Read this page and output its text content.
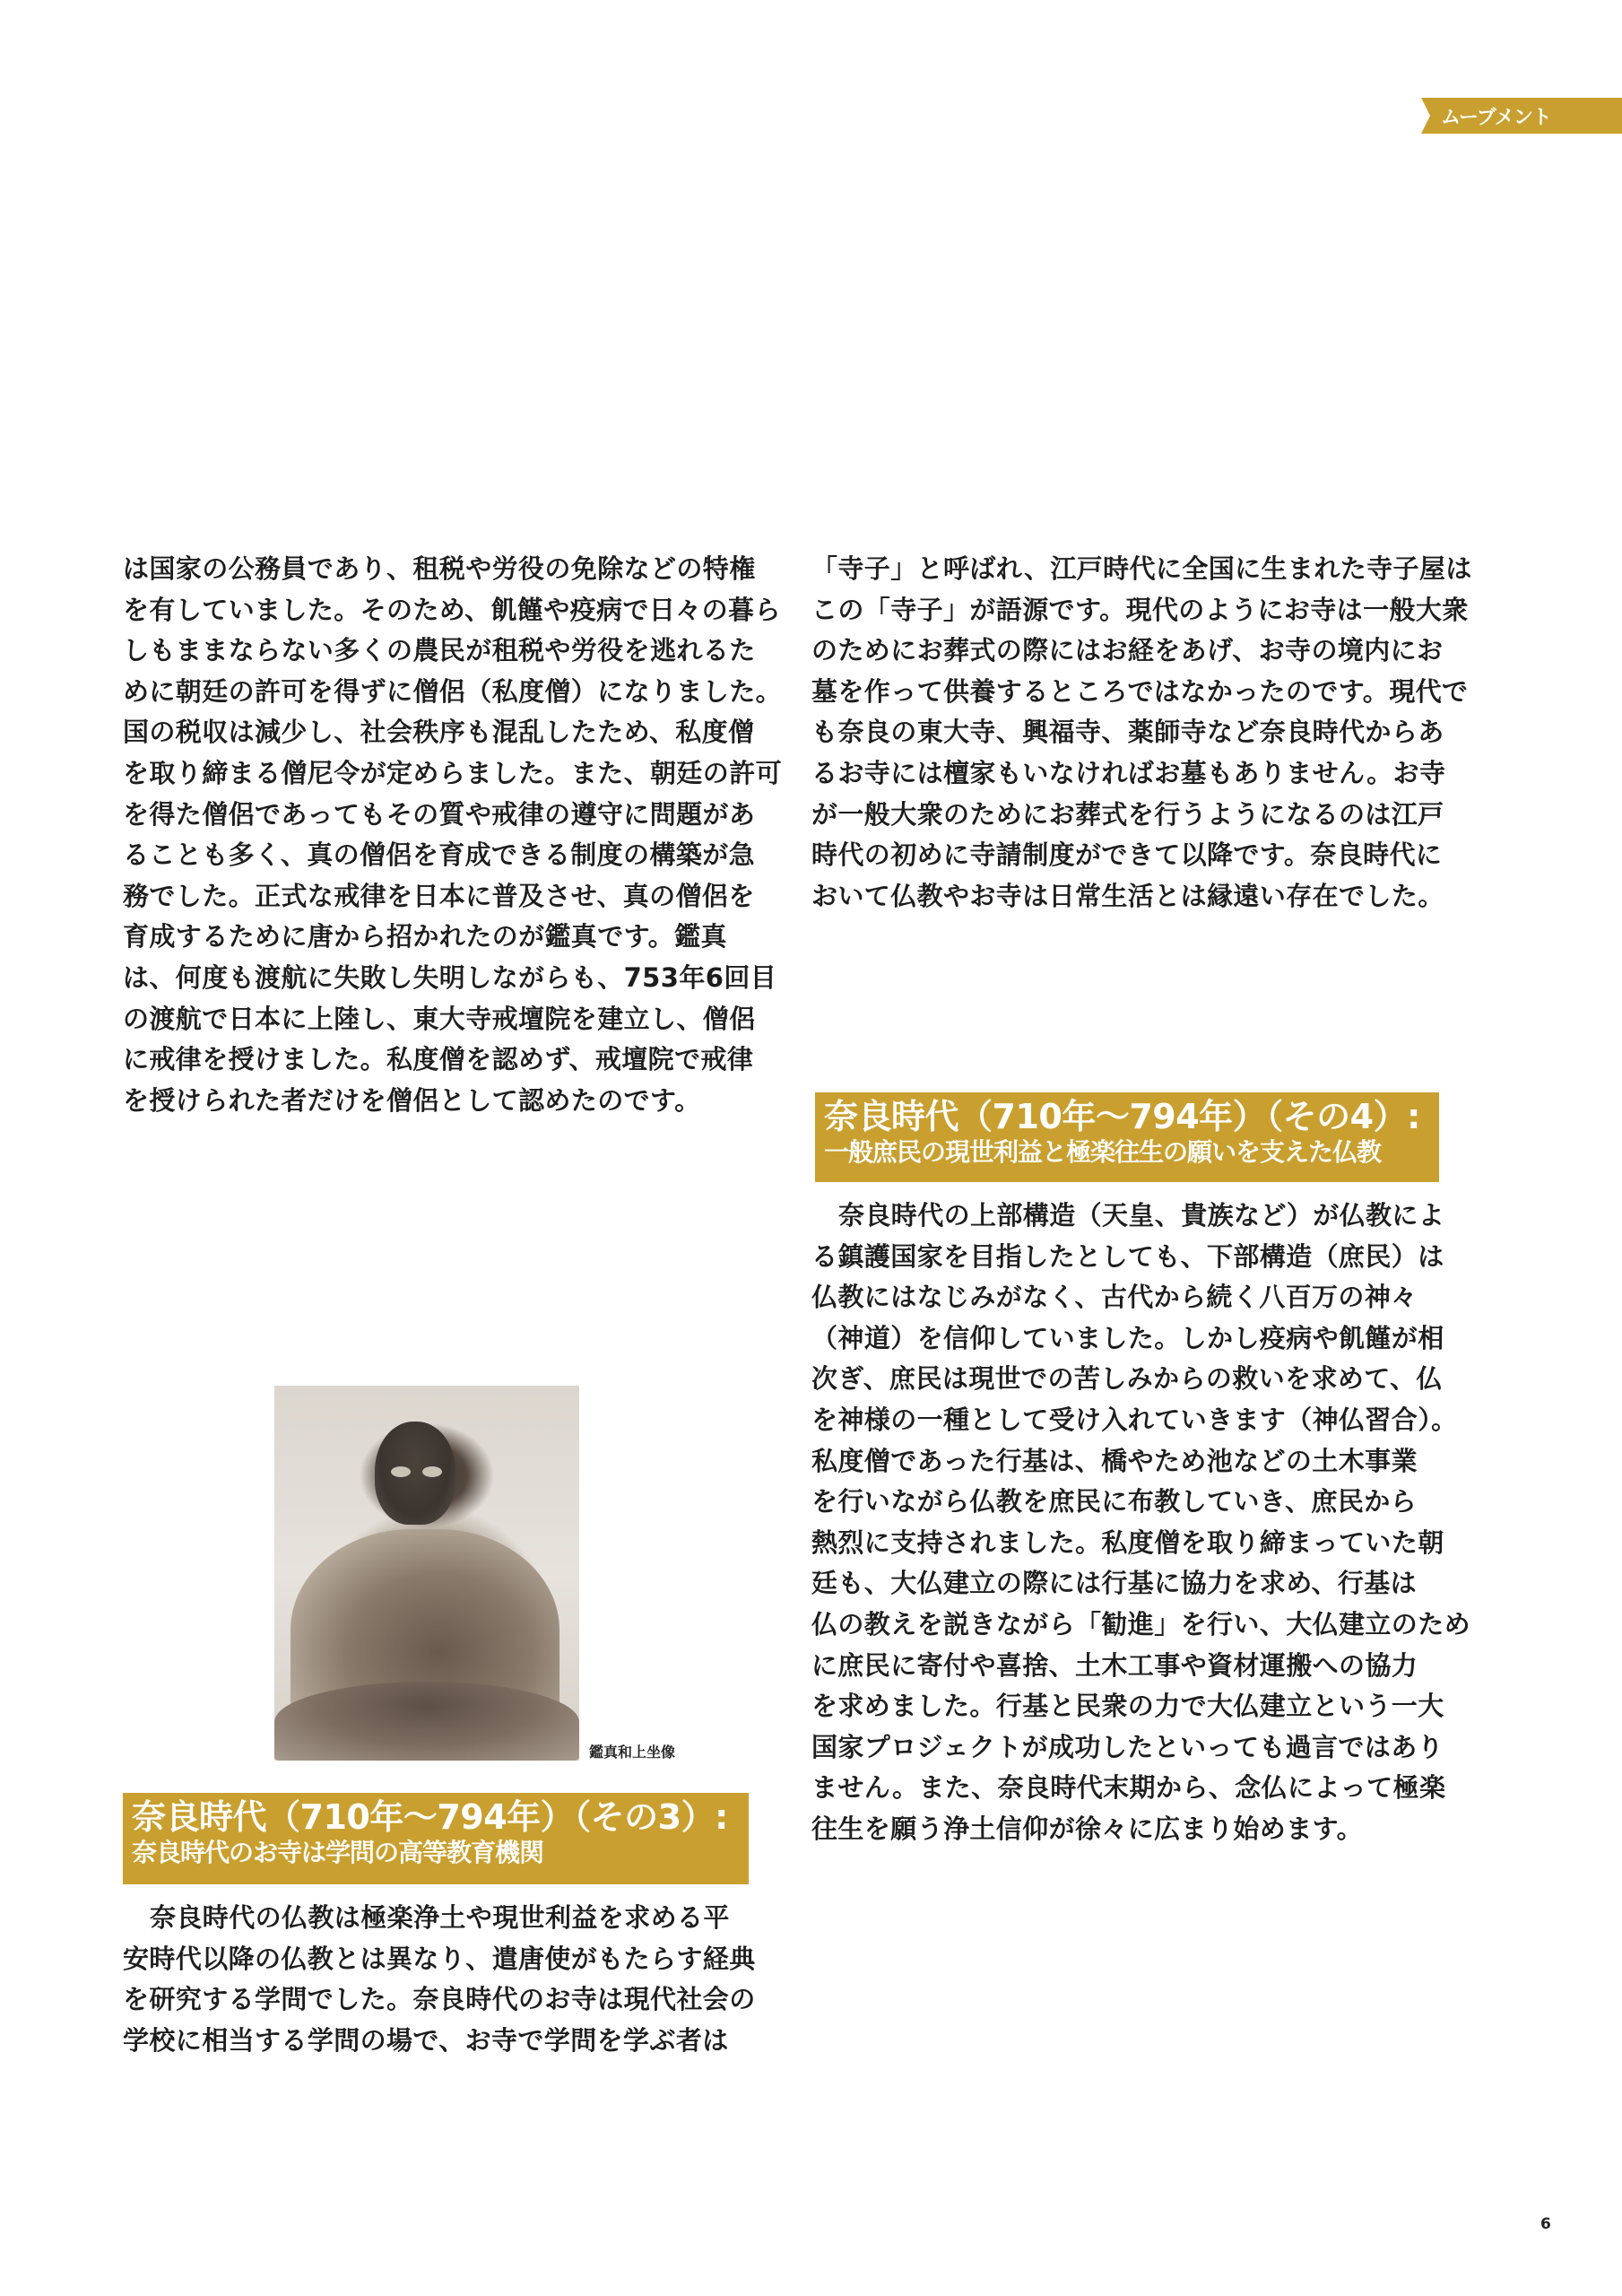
ムーブメント
は国家の公務員であり、租税や労役の免除などの特権
を有していました。そのため、飢饉や疫病で日々の暮ら
しもままならない多くの農民が租税や労役を逃れるた
めに朝廷の許可を得ずに僧侶（私度僧）になりました。
国の税収は減少し、社会秩序も混乱したため、私度僧
を取り締まる僧尼令が定めらました。また、朝廷の許可
を得た僧侶であってもその質や戒律の遵守に問題があ
ることも多く、真の僧侶を育成できる制度の構築が急
務でした。正式な戒律を日本に普及させ、真の僧侶を
育成するために唐から招かれたのが鑑真です。鑑真
は、何度も渡航に失敗し失明しながらも、753年6回目
の渡航で日本に上陸し、東大寺戒壇院を建立し、僧侶
に戒律を授けました。私度僧を認めず、戒壇院で戒律
を授けられた者だけを僧侶として認めたのです。
鑑真和上坐像
奈良時代（710年～794年）（その3）:
奈良時代のお寺は学問の高等教育機関
奈良時代の仏教は極楽浄土や現世利益を求める平
安時代以降の仏教とは異なり、遣唐使がもたらす経典
を研究する学問でした。奈良時代のお寺は現代社会の
学校に相当する学問の場で、お寺で学問を学ぶ者は
「寺子」と呼ばれ、江戸時代に全国に生まれた寺子屋は
この「寺子」が語源です。現代のようにお寺は一般大衆
のためにお葬式の際にはお経をあげ、お寺の境内にお
墓を作って供養するところではなかったのです。現代で
も奈良の東大寺、興福寺、薬師寺など奈良時代からあ
るお寺には檀家もいなければお墓もありません。お寺
が一般大衆のためにお葬式を行うようになるのは江戸
時代の初めに寺請制度ができて以降です。奈良時代に
おいて仏教やお寺は日常生活とは縁遠い存在でした。
奈良時代（710年～794年）（その4）:
一般庶民の現世利益と極楽往生の願いを支えた仏教
奈良時代の上部構造（天皇、貴族など）が仏教によ
る鎮護国家を目指したとしても、下部構造（庶民）は
仏教にはなじみがなく、古代から続く八百万の神々
（神道）を信仰していました。しかし疫病や飢饉が相
次ぎ、庶民は現世での苦しみからの救いを求めて、仏
を神様の一種として受け入れていきます（神仏習合）。
私度僧であった行基は、橋やため池などの土木事業
を行いながら仏教を庶民に布教していき、庶民から
熱烈に支持されました。私度僧を取り締まっていた朝
廷も、大仏建立の際には行基に協力を求め、行基は
仏の教えを説きながら「勧進」を行い、大仏建立のため
に庶民に寄付や喜捨、土木工事や資材運搬への協力
を求めました。行基と民衆の力で大仏建立という一大
国家プロジェクトが成功したといっても過言ではあり
ません。また、奈良時代末期から、念仏によって極楽
往生を願う浄土信仰が徐々に広まり始めます。
6
